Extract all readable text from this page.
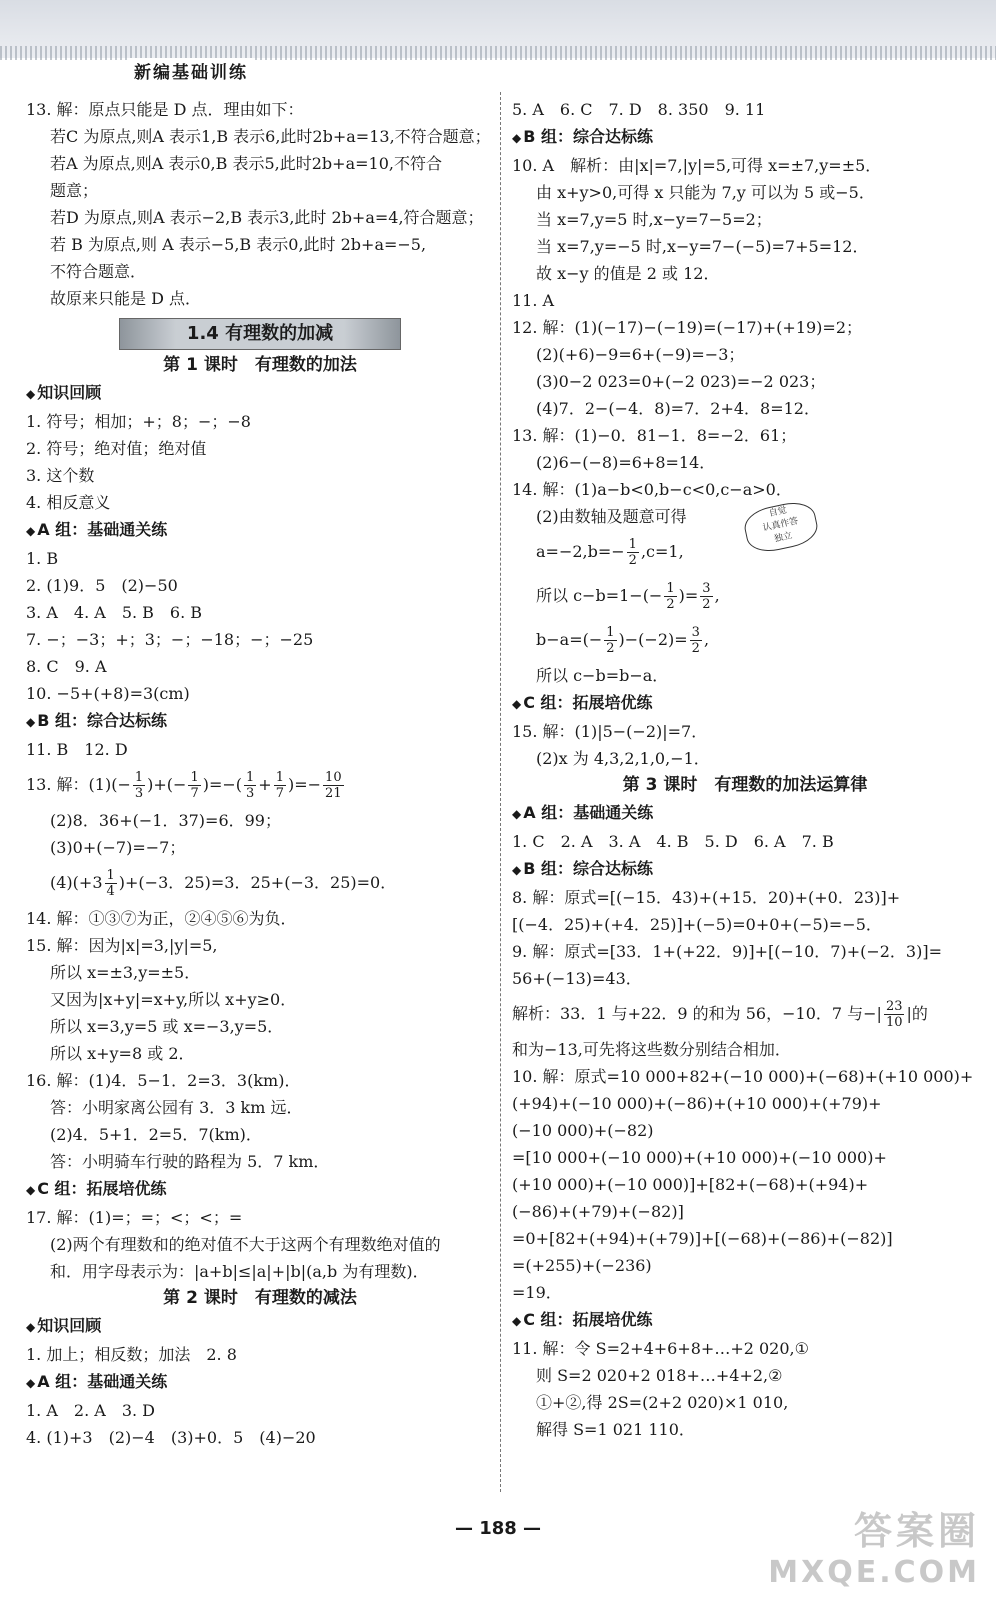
新编基础训练
13. 解：原点只能是 D 点．理由如下：
若C 为原点,则A 表示1,B 表示6,此时2b+a=13,不符合题意；
若A 为原点,则A 表示0,B 表示5,此时2b+a=10,不符合
题意；
若D 为原点,则A 表示−2,B 表示3,此时 2b+a=4,符合题意；
若 B 为原点,则 A 表示−5,B 表示0,此时 2b+a=−5,
不符合题意．
故原来只能是 D 点．
1.4 有理数的加减
第 1 课时　有理数的加法
◆ 知识回顾
1. 符号；相加；+；8；−；−8
2. 符号；绝对值；绝对值
3. 这个数
4. 相反意义
◆ A 组：基础通关练
1. B
2. (1)9．5　(2)−50
3. A　4. A　5. B　6. B
7. −；−3；+；3；−；−18；−；−25
8. C　9. A
10. −5+(+8)=3(cm)
◆ B 组：综合达标练
11. B　12. D
13. 解：$(1)(- \frac{1}{3}$ )+(− $\frac{1}{7}$ )=−( $\frac{1}{3} + \frac{1}{7}$ )=− $\frac{10}{21}$
(2)8．36+(−1．37)=6．99；
(3)0+(−7)=−7；
$(4)(+3 \frac{1}{4} )+(-3$．25)=3．25+(−3．25)=0．
14. 解：①③⑦为正，②④⑤⑥为负．
15. 解：因为|x|=3,|y|=5,
所以 x=±3,y=±5．
又因为|x+y|=x+y,所以 x+y≥0．
所以 x=3,y=5 或 x=−3,y=5．
所以 x+y=8 或 2．
16. 解：(1)4．5−1．2=3．3(km)．
答：小明家离公园有 3．3 km 远．
(2)4．5+1．2=5．7(km)．
答：小明骑车行驶的路程为 5．7 km．
◆ C 组：拓展培优练
17. 解：(1)=；=；<；<；=
(2)两个有理数和的绝对值不大于这两个有理数绝对值的
和．用字母表示为：|a+b|≤|a|+|b|(a,b 为有理数)．
第 2 课时　有理数的减法
◆ 知识回顾
1. 加上；相反数；加法　2. 8
◆ A 组：基础通关练
1. A　2. A　3. D
4. (1)+3　(2)−4　(3)+0．5　(4)−20
5. A　6. C　7. D　8. 350　9. 11
◆ B 组：综合达标练
10. A　解析：由|x|=7,|y|=5,可得 x=±7,y=±5．
由 x+y>0,可得 x 只能为 7,y 可以为 5 或−5．
当 x=7,y=5 时,x−y=7−5=2；
当 x=7,y=−5 时,x−y=7−(−5)=7+5=12．
故 x−y 的值是 2 或 12．
11. A
12. 解：(1)(−17)−(−19)=(−17)+(+19)=2；
(2)(+6)−9=6+(−9)=−3；
(3)0−2 023=0+(−2 023)=−2 023；
(4)7．2−(−4．8)=7．2+4．8=12．
13. 解：(1)−0．81−1．8=−2．61；
(2)6−(−8)=6+8=14．
14. 解：(1)a−b<0,b−c<0,c−a>0．
(2)由数轴及题意可得
$a=-2,b=- \frac{1}{2} ,c=1$,
所以 $c-b=1-(- \frac{1}{2}$ )= $\frac{3}{2}$ ,
$b-a=(- \frac{1}{2} )-(-2)= \frac{3}{2}$ ,
所以 c−b=b−a．
◆ C 组：拓展培优练
15. 解：(1)|5−(−2)|=7．
(2)x 为 4,3,2,1,0,−1．
第 3 课时　有理数的加法运算律
◆ A 组：基础通关练
1. C　2. A　3. A　4. B　5. D　6. A　7. B
◆ B 组：综合达标练
8. 解：原式=[(−15．43)+(+15．20)+(+0．23)]+
[(−4．25)+(+4．25)]+(−5)=0+0+(−5)=−5．
9. 解：原式=[33．1+(+22．9)]+[(−10．7)+(−2．3)]=
56+(−13)=43．
解析：33．1 与+22．9 的和为 56，−10．7 与−| $\frac{23}{10}$ |的
和为−13,可先将这些数分别结合相加．
10. 解：原式=10 000+82+(−10 000)+(−68)+(+10 000)+
(+94)+(−10 000)+(−86)+(+10 000)+(+79)+
(−10 000)+(−82)
=[10 000+(−10 000)+(+10 000)+(−10 000)+
(+10 000)+(−10 000)]+[82+(−68)+(+94)+
(−86)+(+79)+(−82)]
=0+[82+(+94)+(+79)]+[(−68)+(−86)+(−82)]
=(+255)+(−236)
=19．
◆ C 组：拓展培优练
11. 解：令 S=2+4+6+8+…+2 020,①
则 S=2 020+2 018+…+4+2,②
①+②,得 2S=(2+2 020)×1 010,
解得 S=1 021 110．
自觉
认真作答
独立
— 188 —	答案圈
MXQE.COM
